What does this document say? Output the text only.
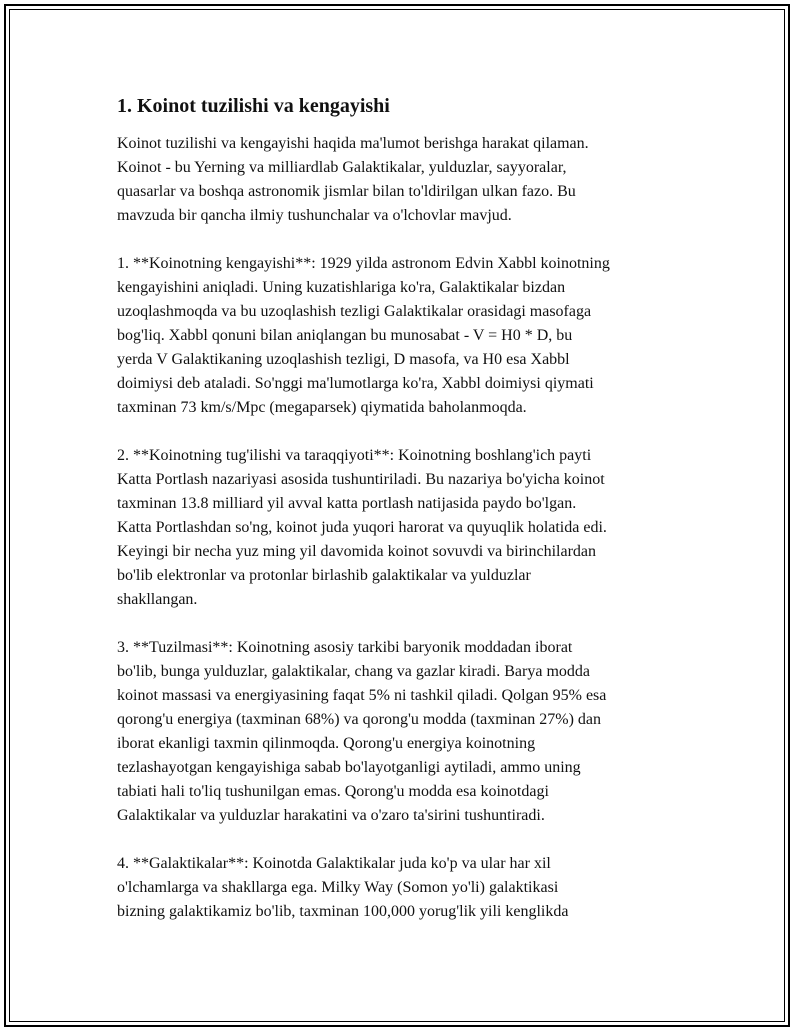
1. Koinot tuzilishi va kengayishi

Koinot tuzilishi va kengayishi haqida ma'lumot berishga harakat qilaman.
Koinot - bu Yerning va milliardlab Galaktikalar, yulduzlar, sayyoralar,
quasarlar va boshqa astronomik jismlar bilan to'ldirilgan ulkan fazo. Bu
mavzuda bir qancha ilmiy tushunchalar va o'lchovlar mavjud.

1. **Koinotning kengayishi**: 1929 yilda astronom Edvin Xabbl koinotning
kengayishini aniqladi. Uning kuzatishlariga ko'ra, Galaktikalar bizdan
uzoqlashmoqda va bu uzoqlashish tezligi Galaktikalar orasidagi masofaga
bog'liq. Xabbl qonuni bilan aniqlangan bu munosabat - V = H0 * D, bu
yerda V Galaktikaning uzoqlashish tezligi, D masofa, va H0 esa Xabbl
doimiysi deb ataladi. So'nggi ma'lumotlarga ko'ra, Xabbl doimiysi qiymati
taxminan 73 km/s/Mpc (megaparsek) qiymatida baholanmoqda.

2. **Koinotning tug'ilishi va taraqqiyoti**: Koinotning boshlang'ich payti
Katta Portlash nazariyasi asosida tushuntiriladi. Bu nazariya bo'yicha koinot
taxminan 13.8 milliard yil avval katta portlash natijasida paydo bo'lgan.
Katta Portlashdan so'ng, koinot juda yuqori harorat va quyuqlik holatida edi.
Keyingi bir necha yuz ming yil davomida koinot sovuvdi va birinchilardan
bo'lib elektronlar va protonlar birlashib galaktikalar va yulduzlar
shakllangan.

3. **Tuzilmasi**: Koinotning asosiy tarkibi baryonik moddadan iborat
bo'lib, bunga yulduzlar, galaktikalar, chang va gazlar kiradi. Barya modda
koinot massasi va energiyasining faqat 5% ni tashkil qiladi. Qolgan 95% esa
qorong'u energiya (taxminan 68%) va qorong'u modda (taxminan 27%) dan
iborat ekanligi taxmin qilinmoqda. Qorong'u energiya koinotning
tezlashayotgan kengayishiga sabab bo'layotganligi aytiladi, ammo uning
tabiati hali to'liq tushunilgan emas. Qorong'u modda esa koinotdagi
Galaktikalar va yulduzlar harakatini va o'zaro ta'sirini tushuntiradi.

4. **Galaktikalar**: Koinotda Galaktikalar juda ko'p va ular har xil
o'lchamlarga va shakllarga ega. Milky Way (Somon yo'li) galaktikasi
bizning galaktikamiz bo'lib, taxminan 100,000 yorug'lik yili kenglikda
